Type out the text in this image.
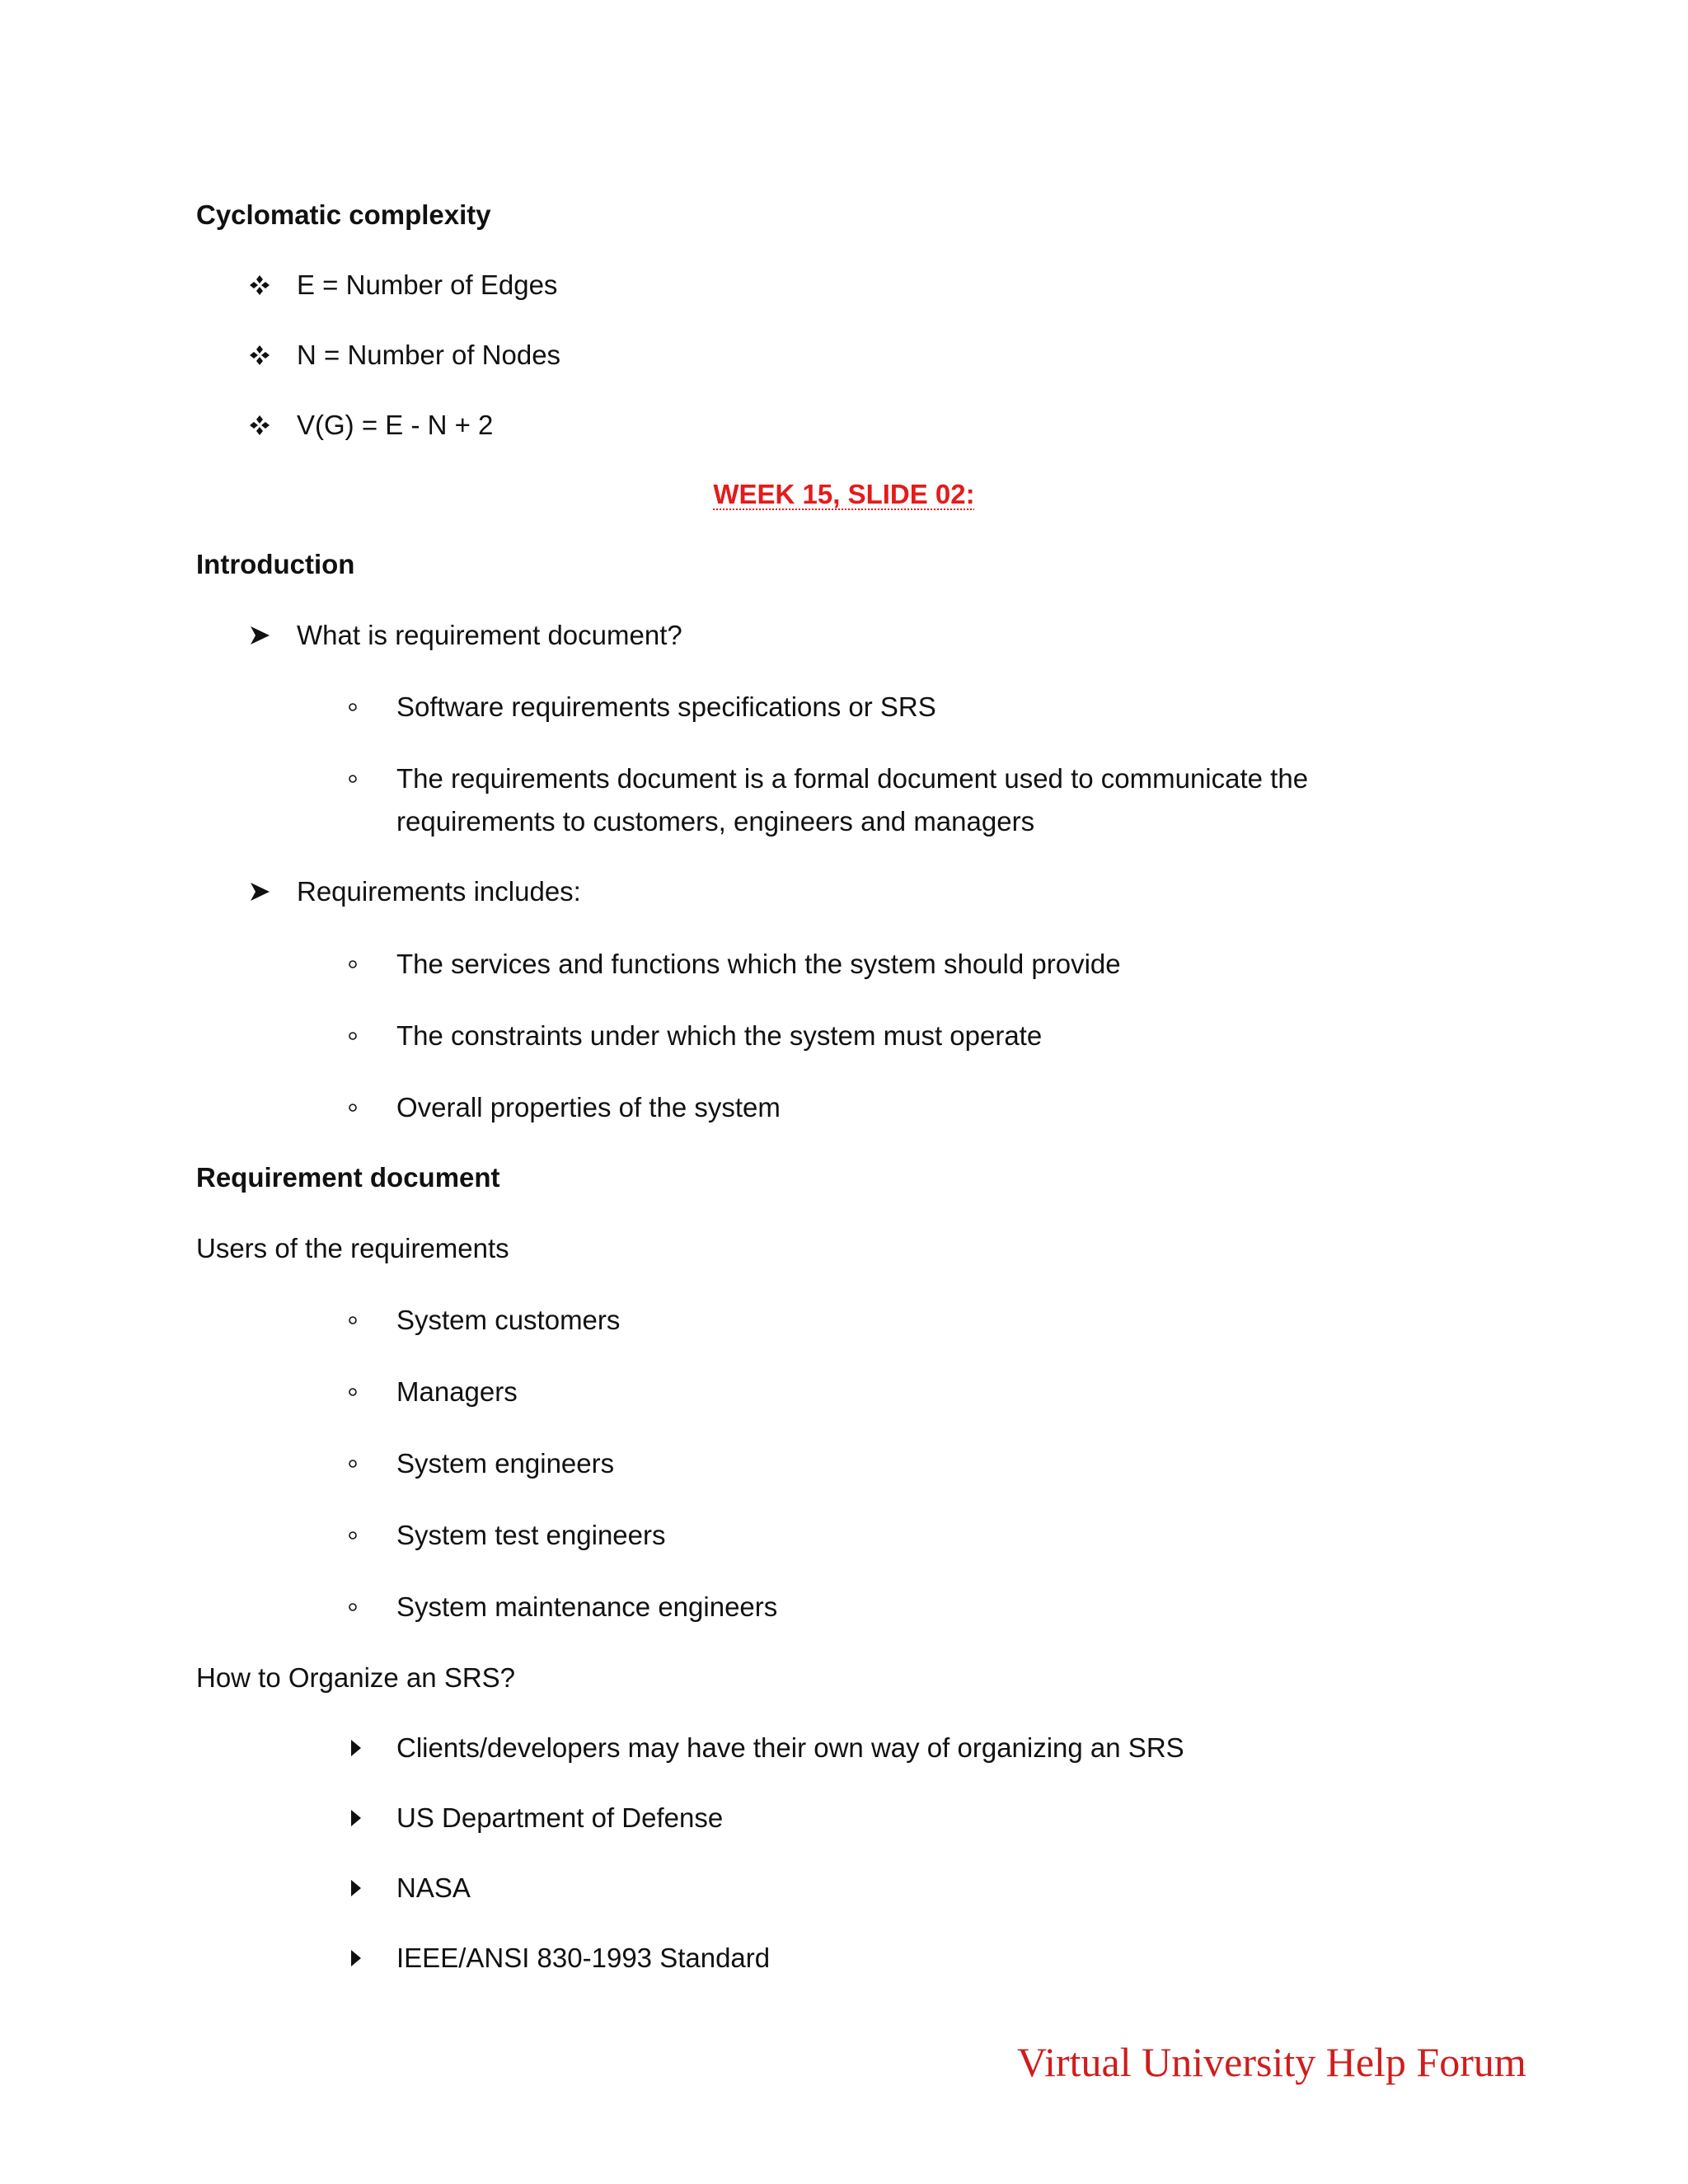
Cyclomatic complexity
E = Number of Edges
N = Number of Nodes
V(G) = E - N + 2
WEEK 15, SLIDE 02:
Introduction
What is requirement document?
Software requirements specifications or SRS
The requirements document is a formal document used to communicate the
requirements to customers, engineers and managers
Requirements includes:
The services and functions which the system should provide
The constraints under which the system must operate
Overall properties of the system
Requirement document
Users of the requirements
System customers
Managers
System engineers
System test engineers
System maintenance engineers
How to Organize an SRS?
Clients/developers may have their own way of organizing an SRS
US Department of Defense
NASA
IEEE/ANSI 830-1993 Standard
Virtual University Help Forum
